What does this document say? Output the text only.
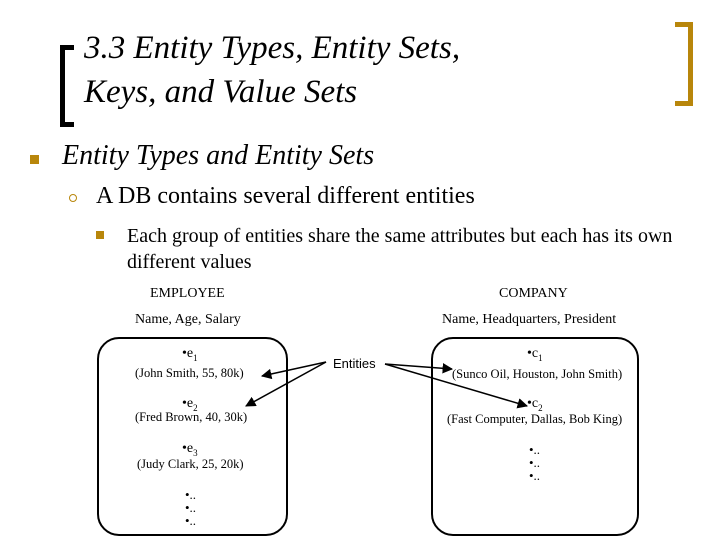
3.3 Entity Types, Entity Sets,
Keys, and Value Sets
Entity Types and Entity Sets
A DB contains several different entities
Each group of entities share the same attributes but each has its own different values
EMPLOYEE
Name, Age, Salary
COMPANY
Name, Headquarters, President
$•e_1$
(John Smith, 55, 80k)
$•e_2$
(Fred Brown, 40, 30k)
$•e_3$
(Judy Clark, 25, 20k)
•..
•..
•..
$•c_1$
(Sunco Oil, Houston, John Smith)
$•c_2$
(Fast Computer, Dallas, Bob King)
•..
•..
•..
Entities
